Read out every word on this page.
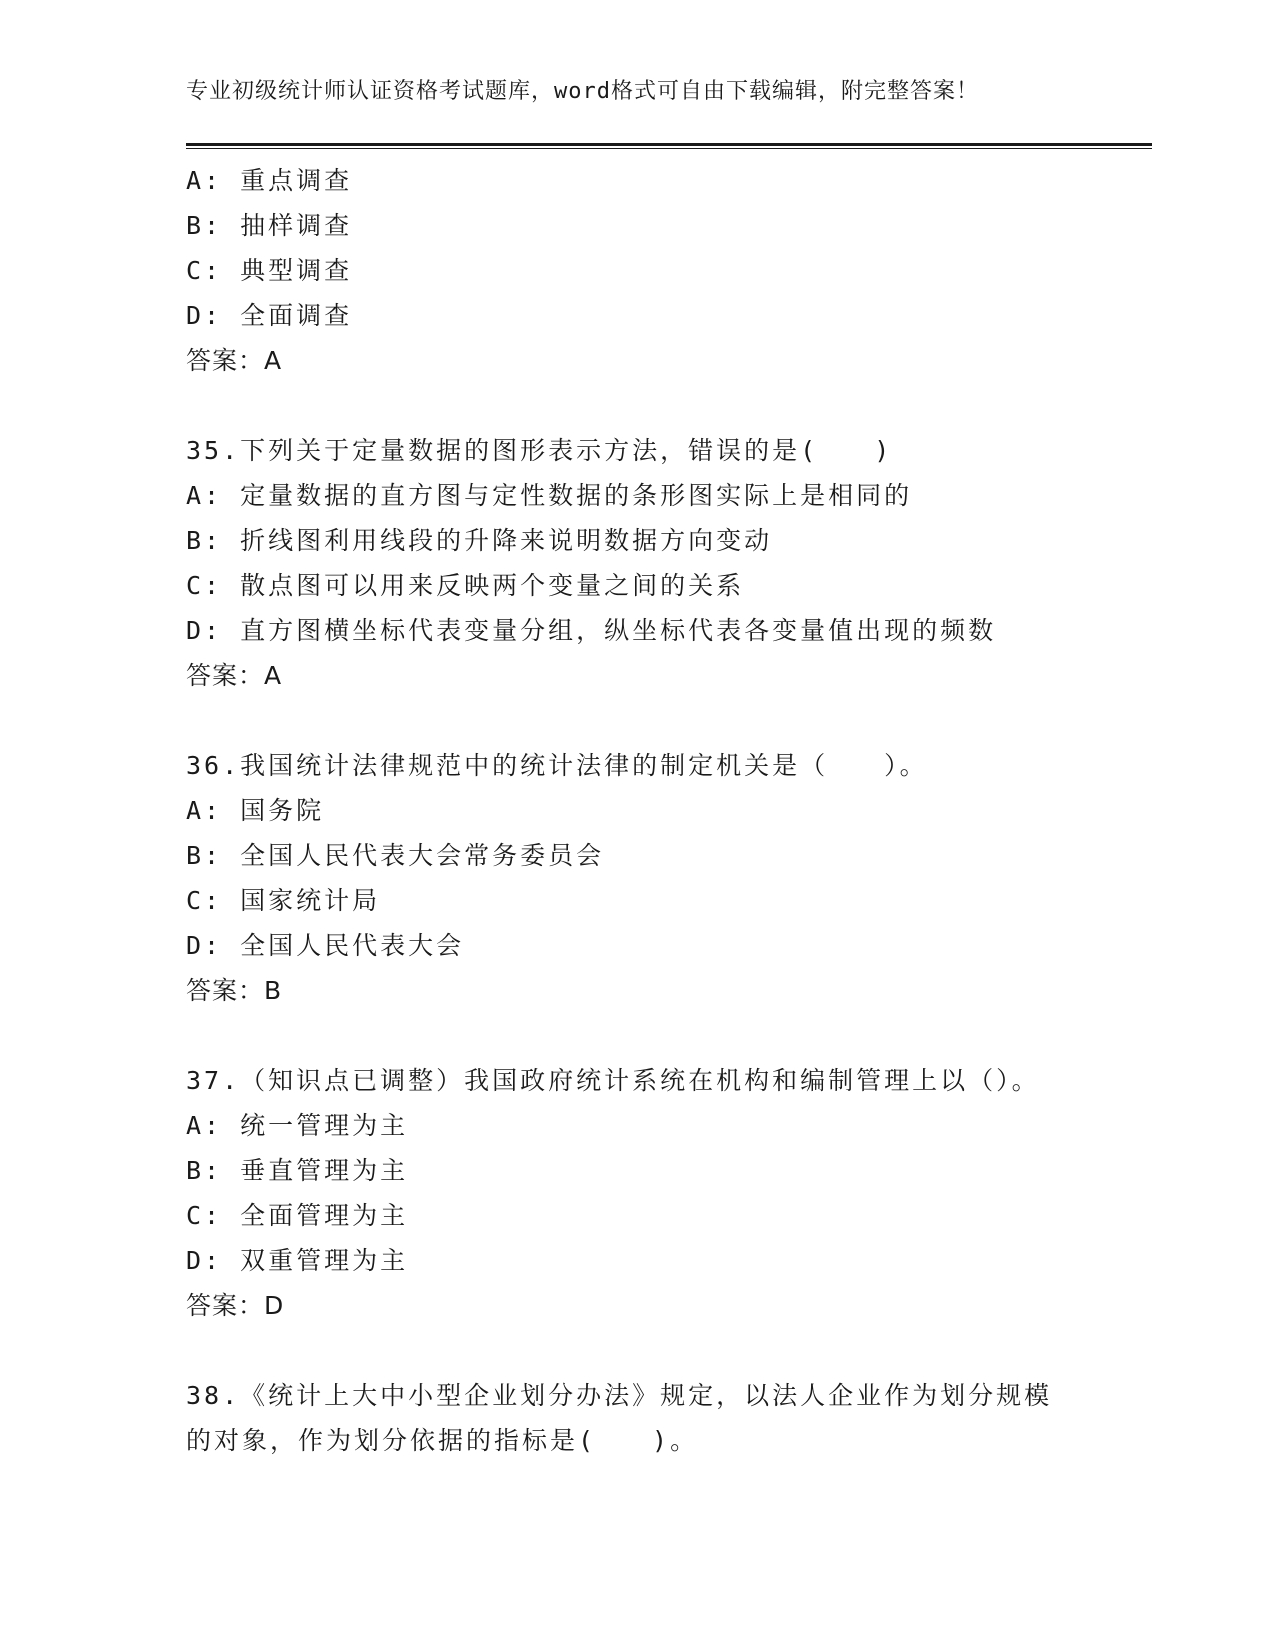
专业初级统计师认证资格考试题库，word格式可自由下载编辑，附完整答案！
A: 重点调查
B: 抽样调查
C: 典型调查
D: 全面调查
答案：A
35.下列关于定量数据的图形表示方法，错误的是(　　)
A: 定量数据的直方图与定性数据的条形图实际上是相同的
B: 折线图利用线段的升降来说明数据方向变动
C: 散点图可以用来反映两个变量之间的关系
D: 直方图横坐标代表变量分组，纵坐标代表各变量值出现的频数
答案：A
36.我国统计法律规范中的统计法律的制定机关是（　　）。
A: 国务院
B: 全国人民代表大会常务委员会
C: 国家统计局
D: 全国人民代表大会
答案：B
37.（知识点已调整）我国政府统计系统在机构和编制管理上以（）。
A: 统一管理为主
B: 垂直管理为主
C: 全面管理为主
D: 双重管理为主
答案：D
38.《统计上大中小型企业划分办法》规定，以法人企业作为划分规模
的对象，作为划分依据的指标是(　　)。
